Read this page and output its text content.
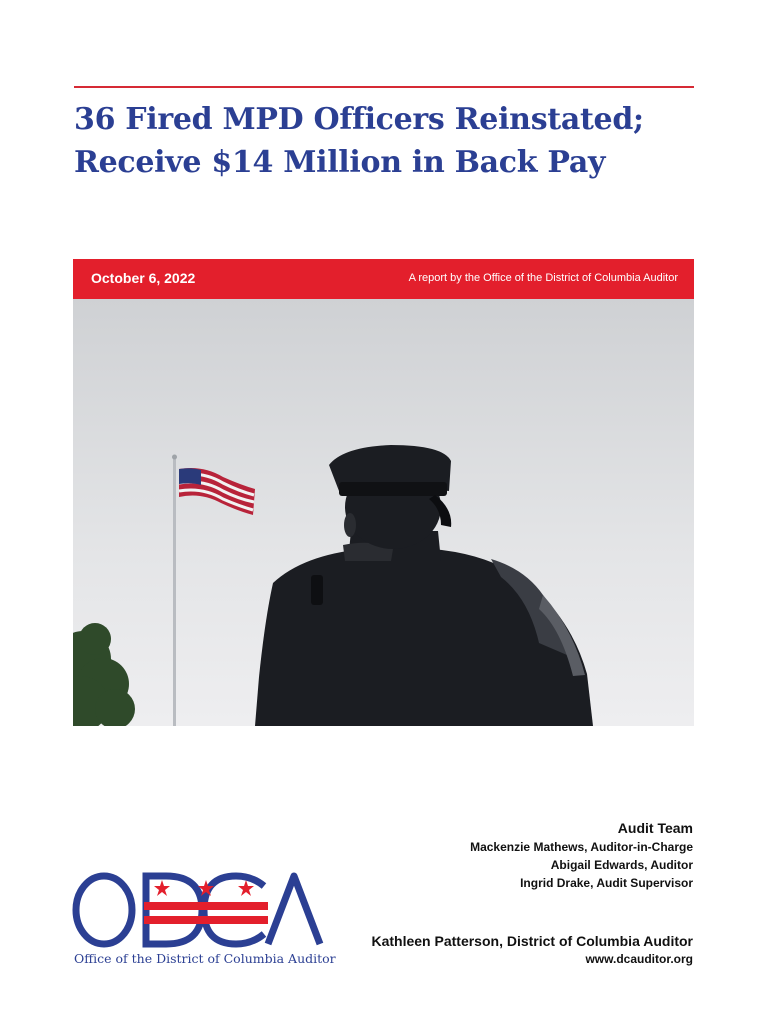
36 Fired MPD Officers Reinstated;
Receive $14 Million in Back Pay
October 6, 2022	A report by the Office of the District of Columbia Auditor
Audit Team
Mackenzie Mathews, Auditor-in-Charge
Abigail Edwards, Auditor
Ingrid Drake, Audit Supervisor
Kathleen Patterson, District of Columbia Auditor
www.dcauditor.org
Office of the District of Columbia Auditor
